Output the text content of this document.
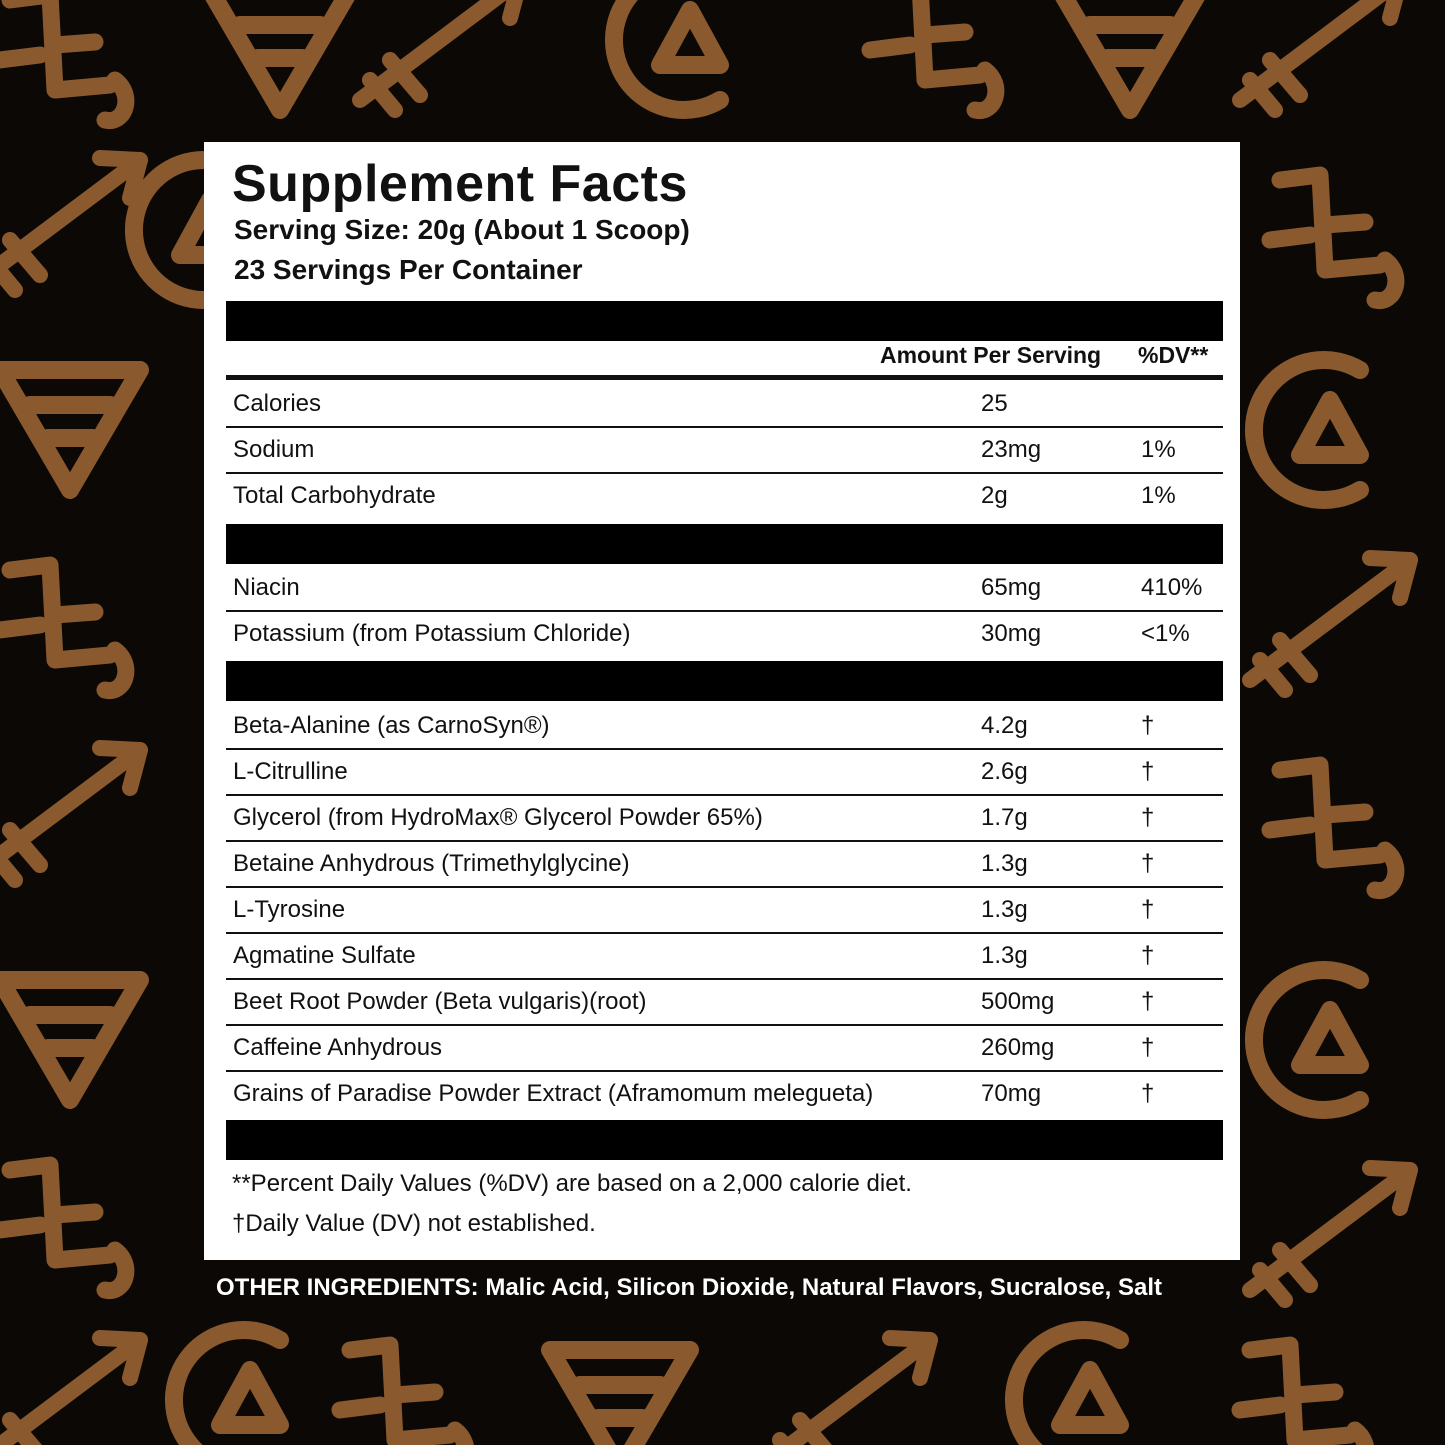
Supplement Facts
Serving Size: 20g (About 1 Scoop)
23 Servings Per Container
Amount Per Serving %DV**
Calories	25
Sodium	23mg	1%
Total Carbohydrate	2g	1%
Niacin	65mg	410%
Potassium (from Potassium Chloride)	30mg	<1%
Beta-Alanine (as CarnoSyn®)	4.2g	†
L-Citrulline	2.6g	†
Glycerol (from HydroMax® Glycerol Powder 65%)	1.7g	†
Betaine Anhydrous (Trimethylglycine)	1.3g	†
L-Tyrosine	1.3g	†
Agmatine Sulfate	1.3g	†
Beet Root Powder (Beta vulgaris)(root)	500mg	†
Caffeine Anhydrous	260mg	†
Grains of Paradise Powder Extract (Aframomum melegueta)	70mg	†
**Percent Daily Values (%DV) are based on a 2,000 calorie diet.
†Daily Value (DV) not established.
OTHER INGREDIENTS: Malic Acid, Silicon Dioxide, Natural Flavors, Sucralose, Salt
